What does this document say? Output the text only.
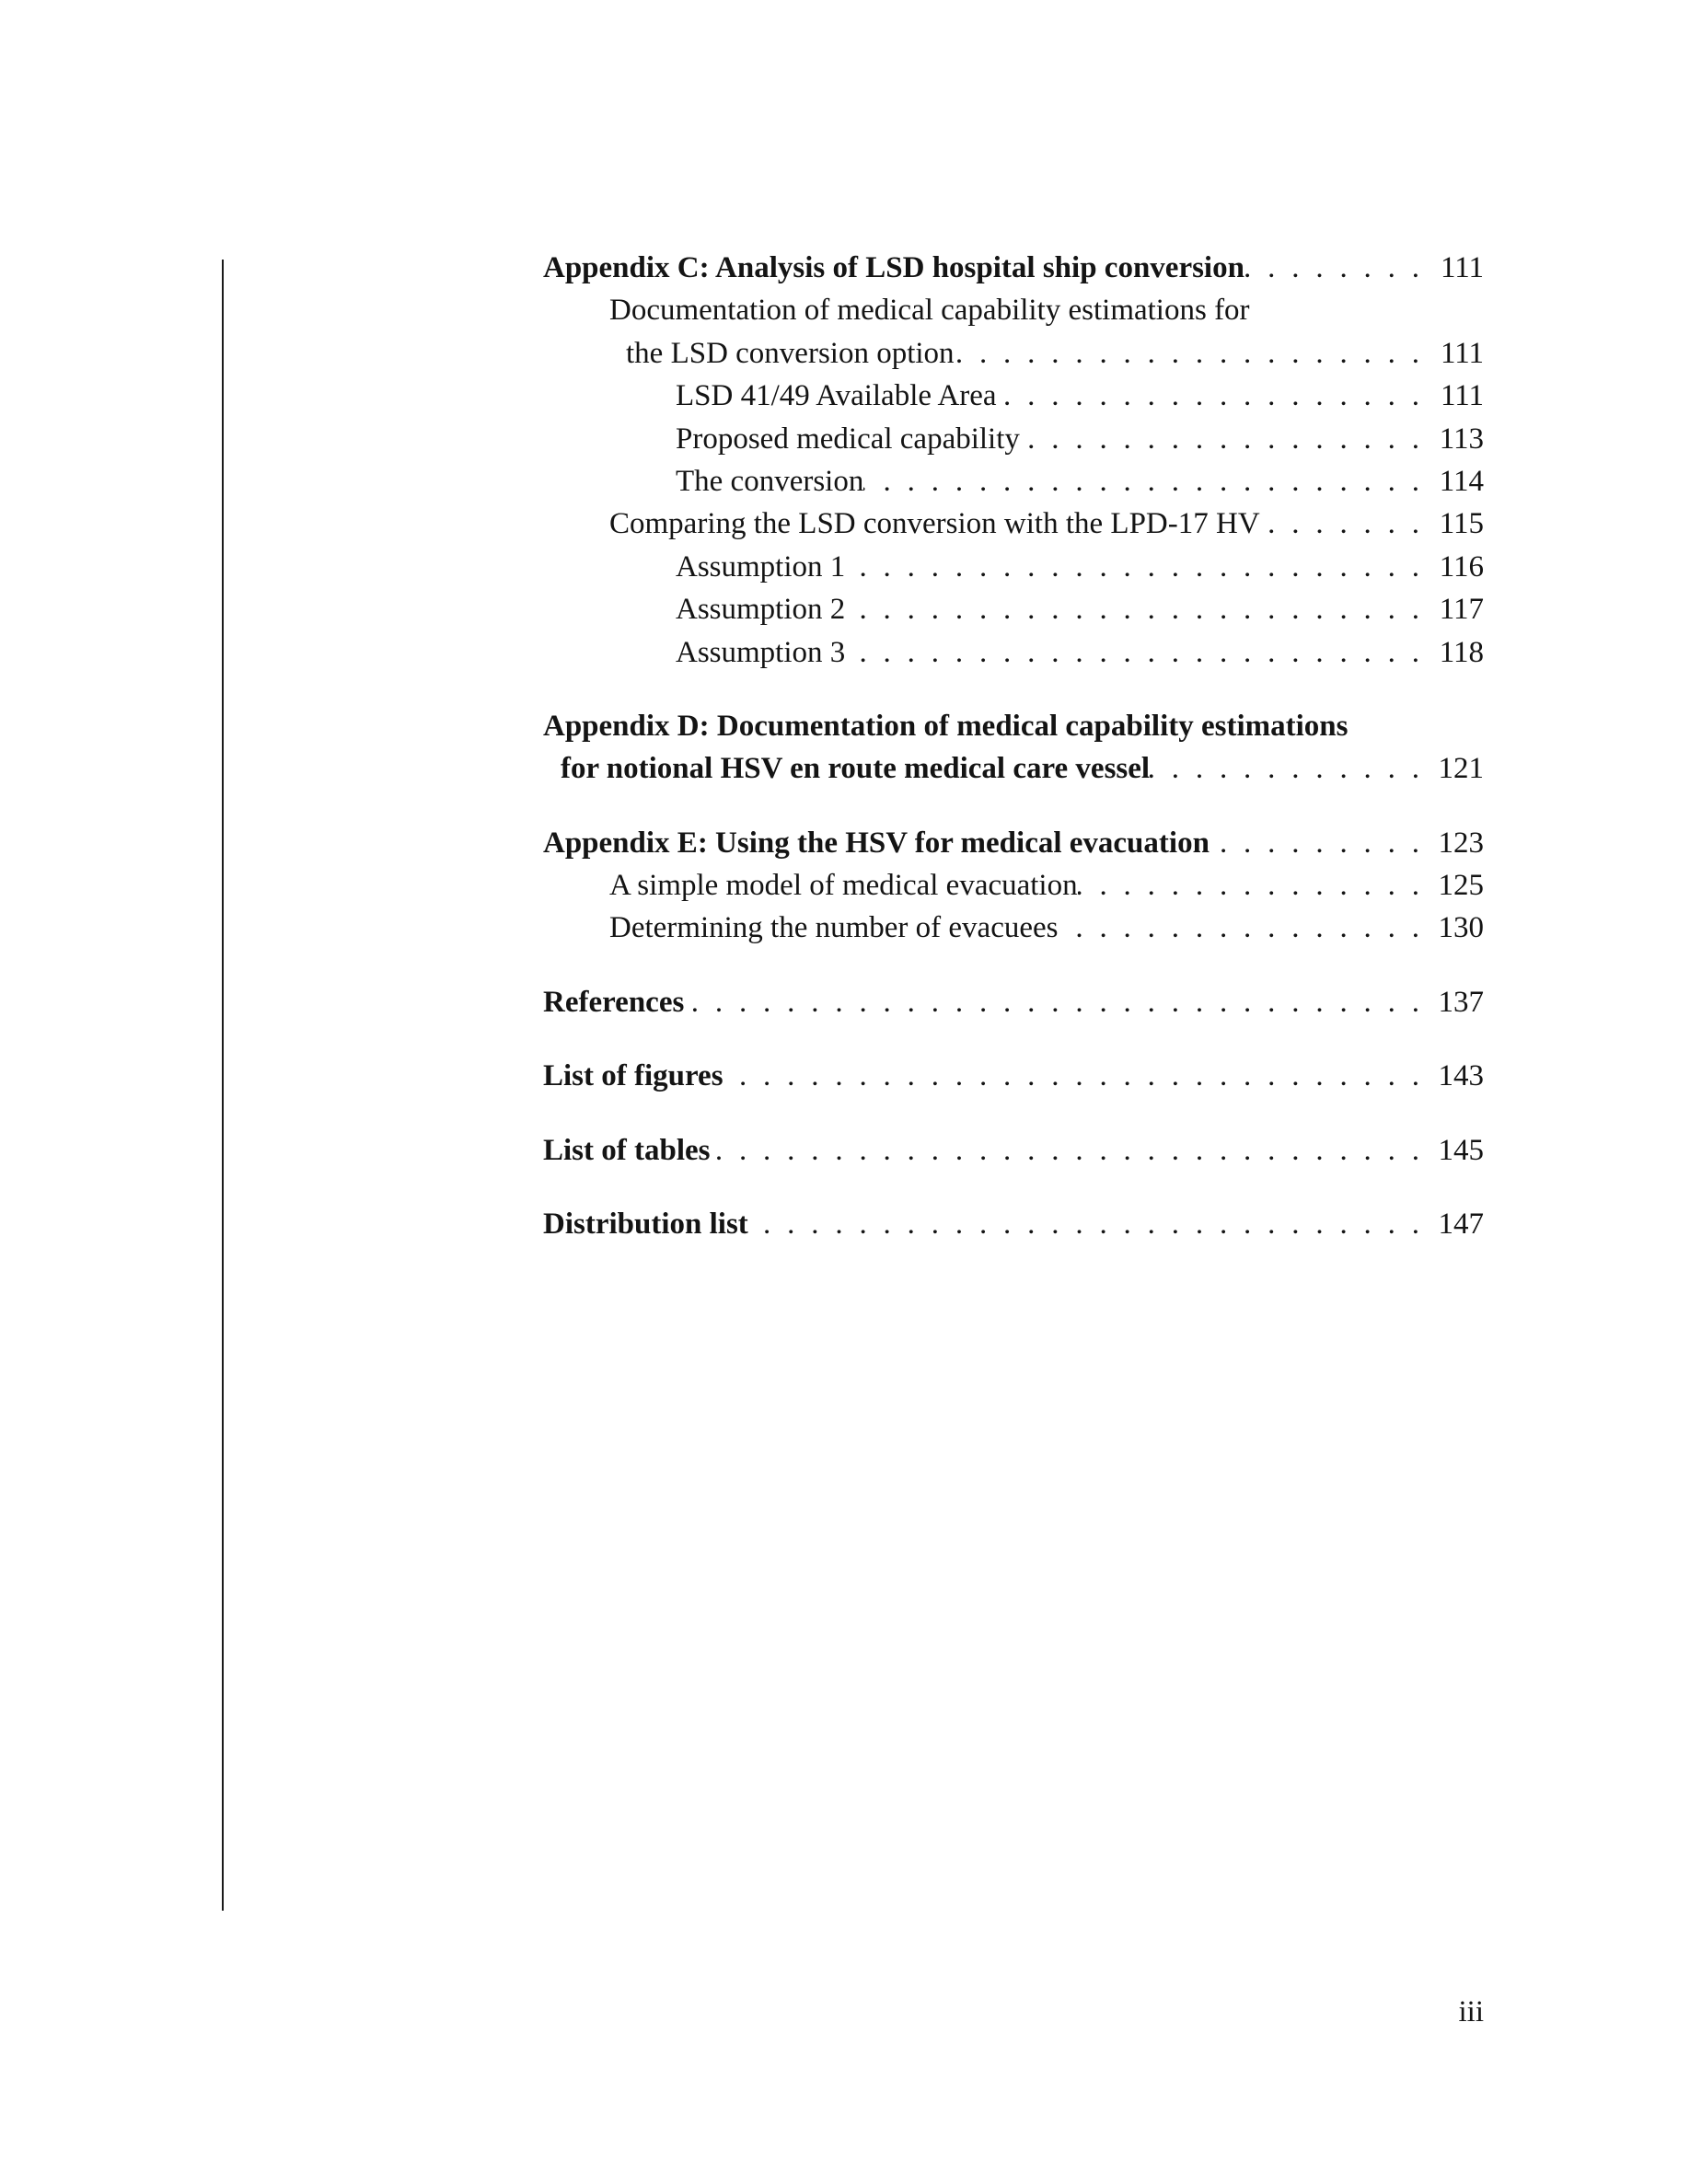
Appendix C: Analysis of LSD hospital ship conversion . . .	111
Documentation of medical capability estimations for
the LSD conversion option . . .	111
LSD 41/49 Available Area . . .	111
Proposed medical capability . . .	113
The conversion . . .	114
Comparing the LSD conversion with the LPD-17 HV . . .	115
Assumption 1 . . .	116
Assumption 2 . . .	117
Assumption 3 . . .	118
Appendix D: Documentation of medical capability estimations
for notional HSV en route medical care vessel . . .	121
Appendix E: Using the HSV for medical evacuation . . .	123
A simple model of medical evacuation . . .	125
Determining the number of evacuees . . .	130
References . . .	137
List of figures . . .	143
List of tables . . .	145
Distribution list . . .	147
iii
